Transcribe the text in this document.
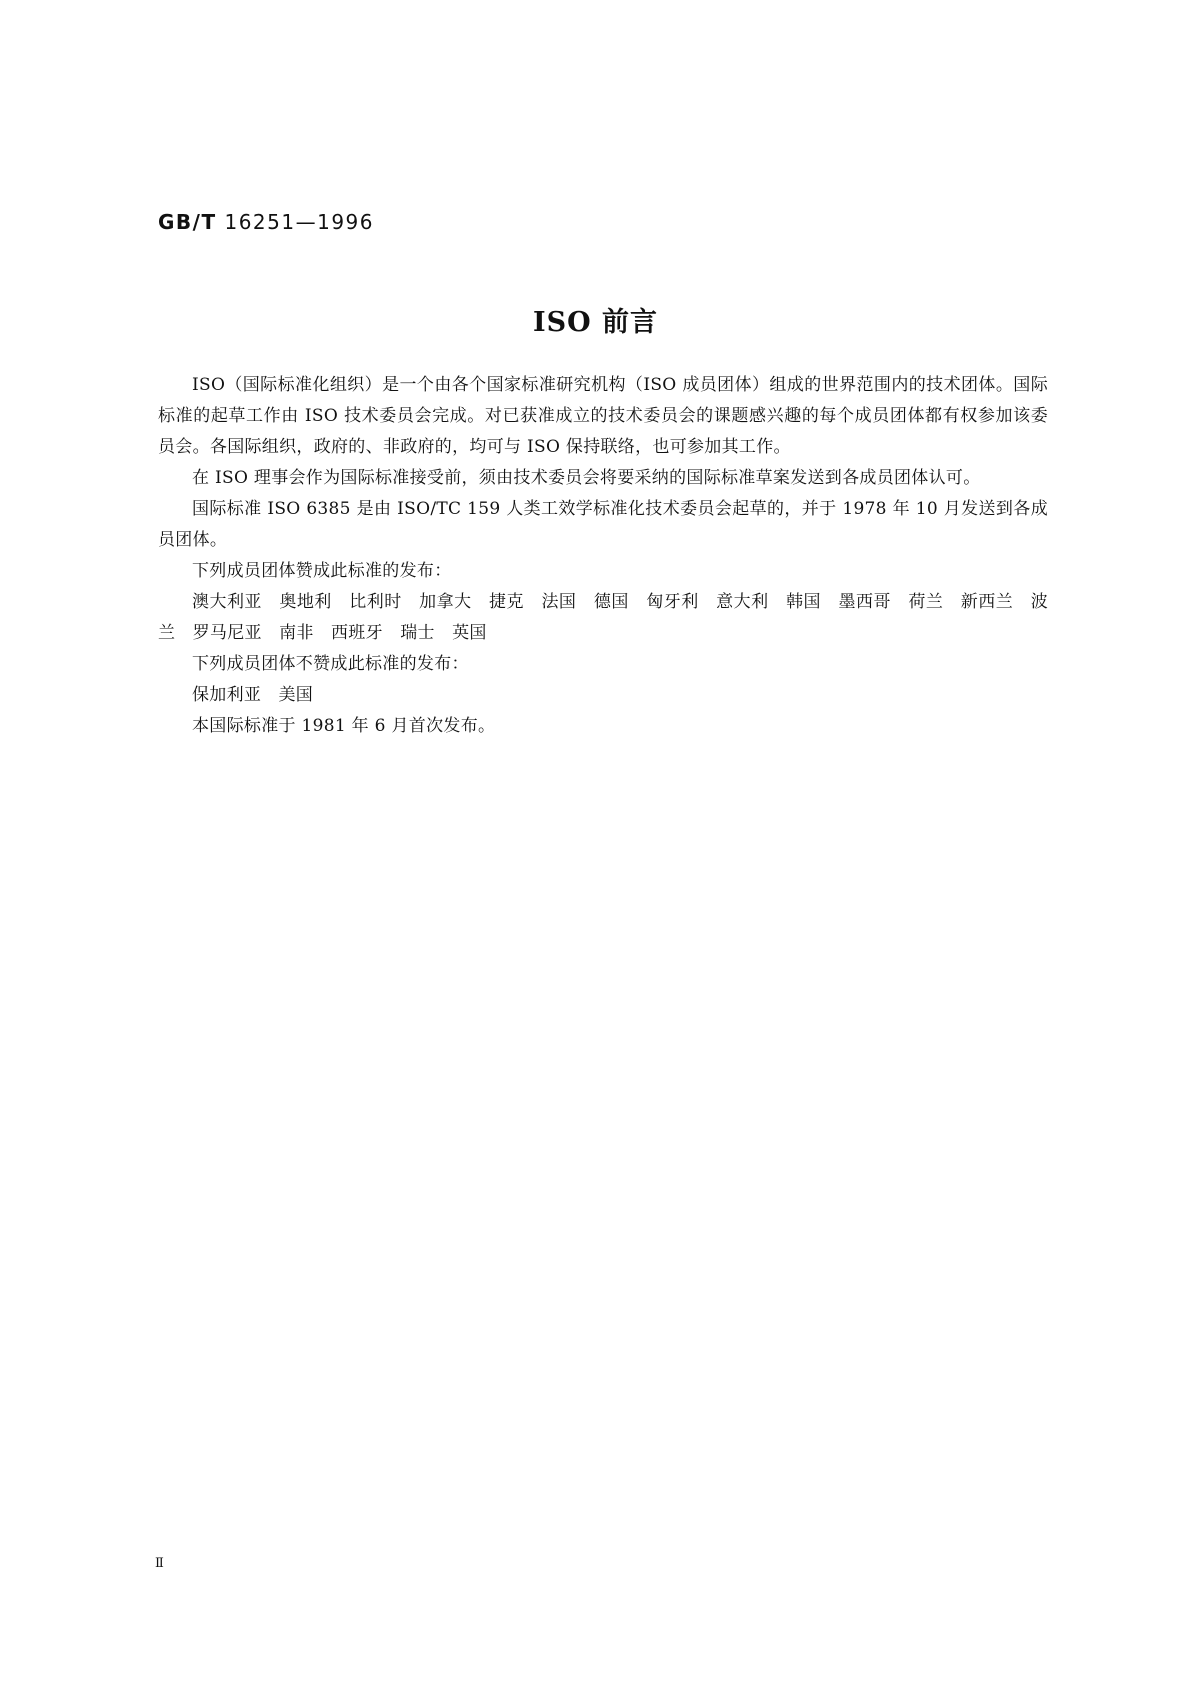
GB/T 16251—1996
ISO 前言

ISO（国际标准化组织）是一个由各个国家标准研究机构（ISO 成员团体）组成的世界范围内的技术团体。国际标准的起草工作由 ISO 技术委员会完成。对已获准成立的技术委员会的课题感兴趣的每个成员团体都有权参加该委员会。各国际组织，政府的、非政府的，均可与 ISO 保持联络，也可参加其工作。

在 ISO 理事会作为国际标准接受前，须由技术委员会将要采纳的国际标准草案发送到各成员团体认可。

国际标准 ISO 6385 是由 ISO/TC 159 人类工效学标准化技术委员会起草的，并于 1978 年 10 月发送到各成员团体。

下列成员团体赞成此标准的发布：

澳大利亚　奥地利　比利时　加拿大　捷克　法国　德国　匈牙利　意大利　韩国　墨西哥　荷兰　新西兰　波兰　罗马尼亚　南非　西班牙　瑞士　英国

下列成员团体不赞成此标准的发布：

保加利亚　美国

本国际标准于 1981 年 6 月首次发布。

Ⅱ
